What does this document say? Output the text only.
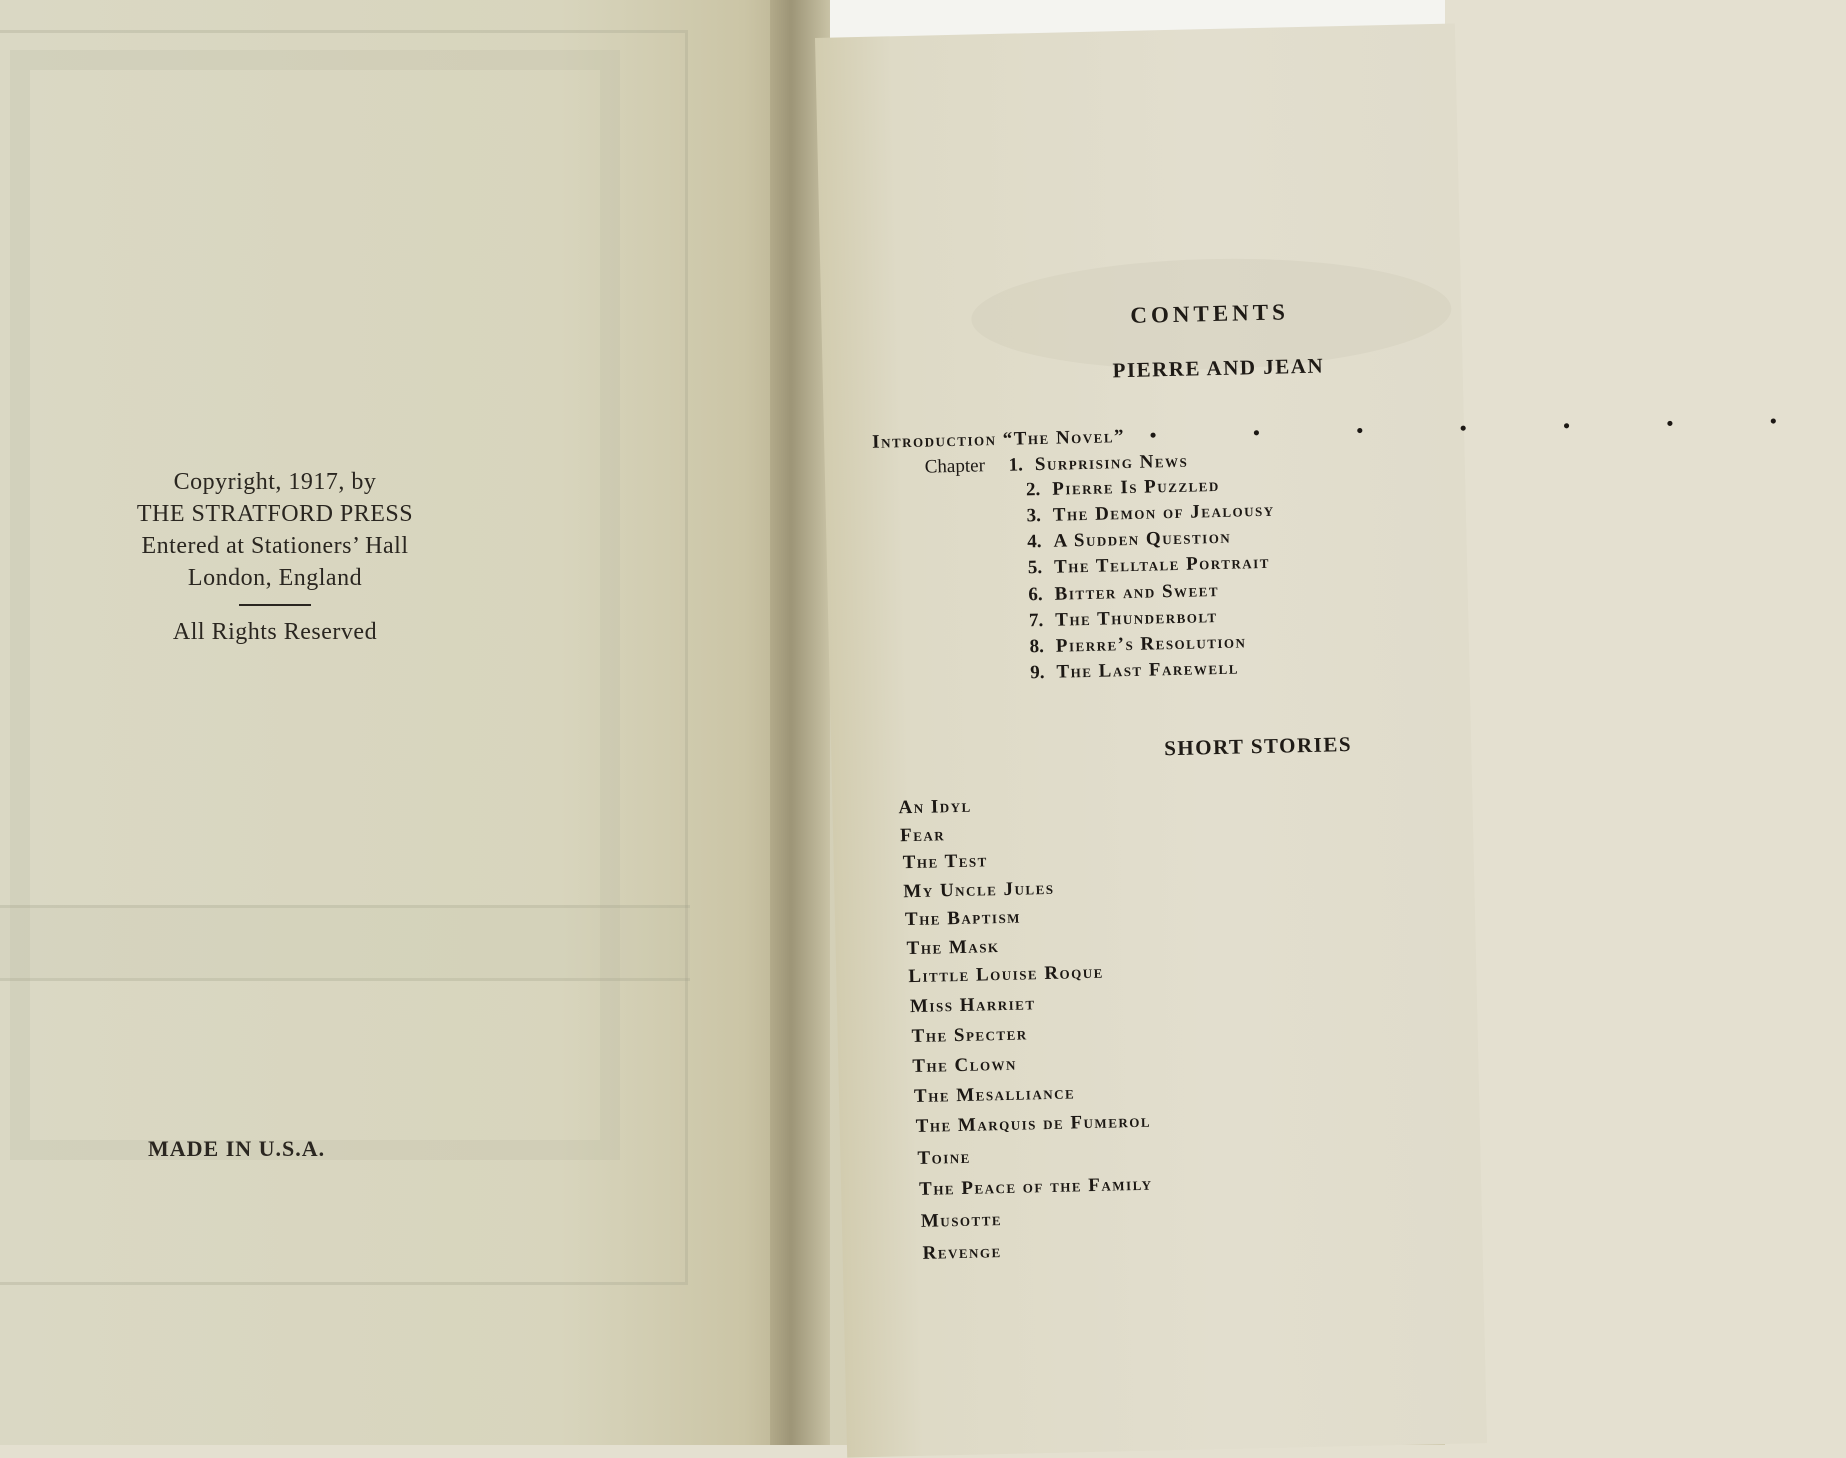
Copyright, 1917, by
THE STRATFORD PRESS
Entered at Stationers’ Hall
London, England
All Rights Reserved
MADE IN U.S.A.
CONTENTS
PIERRE AND JEAN
Introduction “The Novel” • • • • • • •
Chapter 1. Surprising News
2. Pierre Is Puzzled
3. The Demon of Jealousy
4. A Sudden Question
5. The Telltale Portrait
6. Bitter and Sweet
7. The Thunderbolt
8. Pierre’s Resolution
9. The Last Farewell
SHORT STORIES
An Idyl
Fear
The Test
My Uncle Jules
The Baptism
The Mask
Little Louise Roque
Miss Harriet
The Specter
The Clown
The Mesalliance
The Marquis de Fumerol
Toine
The Peace of the Family
Musotte
Revenge
